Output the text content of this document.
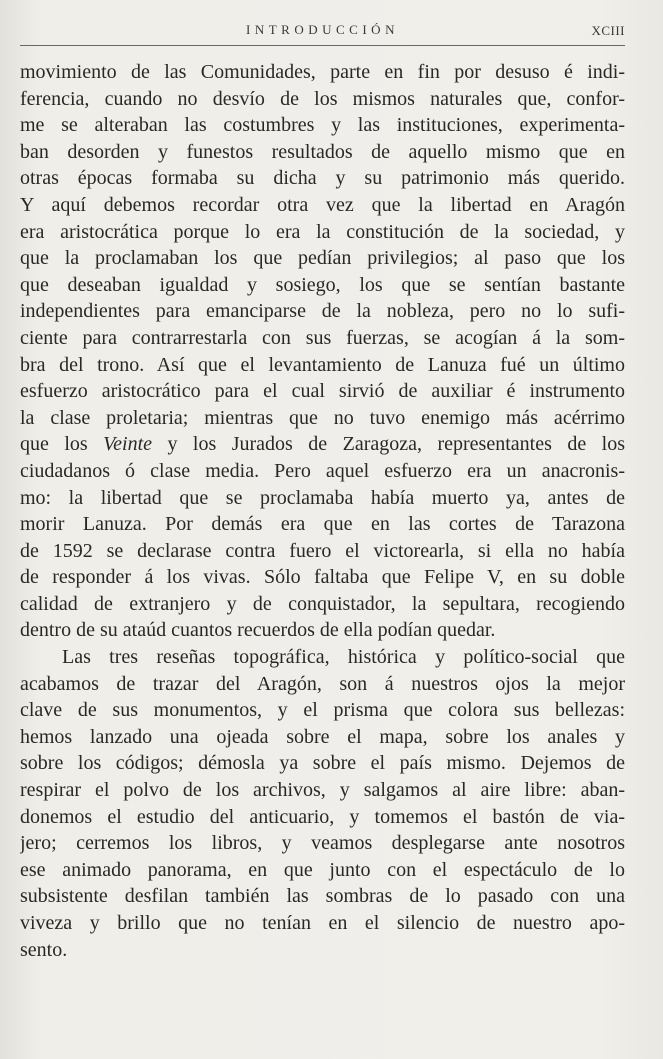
INTRODUCCIÓN	XCIII
movimiento de las Comunidades, parte en fin por desuso é indi-
ferencia, cuando no desvío de los mismos naturales que, confor-
me se alteraban las costumbres y las instituciones, experimenta-
ban desorden y funestos resultados de aquello mismo que en
otras épocas formaba su dicha y su patrimonio más querido.
Y aquí debemos recordar otra vez que la libertad en Aragón
era aristocrática porque lo era la constitución de la sociedad, y
que la proclamaban los que pedían privilegios; al paso que los
que deseaban igualdad y sosiego, los que se sentían bastante
independientes para emanciparse de la nobleza, pero no lo sufi-
ciente para contrarrestarla con sus fuerzas, se acogían á la som-
bra del trono. Así que el levantamiento de Lanuza fué un último
esfuerzo aristocrático para el cual sirvió de auxiliar é instrumento
la clase proletaria; mientras que no tuvo enemigo más acérrimo
que los Veinte y los Jurados de Zaragoza, representantes de los
ciudadanos ó clase media. Pero aquel esfuerzo era un anacronis-
mo: la libertad que se proclamaba había muerto ya, antes de
morir Lanuza. Por demás era que en las cortes de Tarazona
de 1592 se declarase contra fuero el victorearla, si ella no había
de responder á los vivas. Sólo faltaba que Felipe V, en su doble
calidad de extranjero y de conquistador, la sepultara, recogiendo
dentro de su ataúd cuantos recuerdos de ella podían quedar.
Las tres reseñas topográfica, histórica y político-social que
acabamos de trazar del Aragón, son á nuestros ojos la mejor
clave de sus monumentos, y el prisma que colora sus bellezas:
hemos lanzado una ojeada sobre el mapa, sobre los anales y
sobre los códigos; démosla ya sobre el país mismo. Dejemos de
respirar el polvo de los archivos, y salgamos al aire libre: aban-
donemos el estudio del anticuario, y tomemos el bastón de via-
jero; cerremos los libros, y veamos desplegarse ante nosotros
ese animado panorama, en que junto con el espectáculo de lo
subsistente desfilan también las sombras de lo pasado con una
viveza y brillo que no tenían en el silencio de nuestro apo-
sento.
